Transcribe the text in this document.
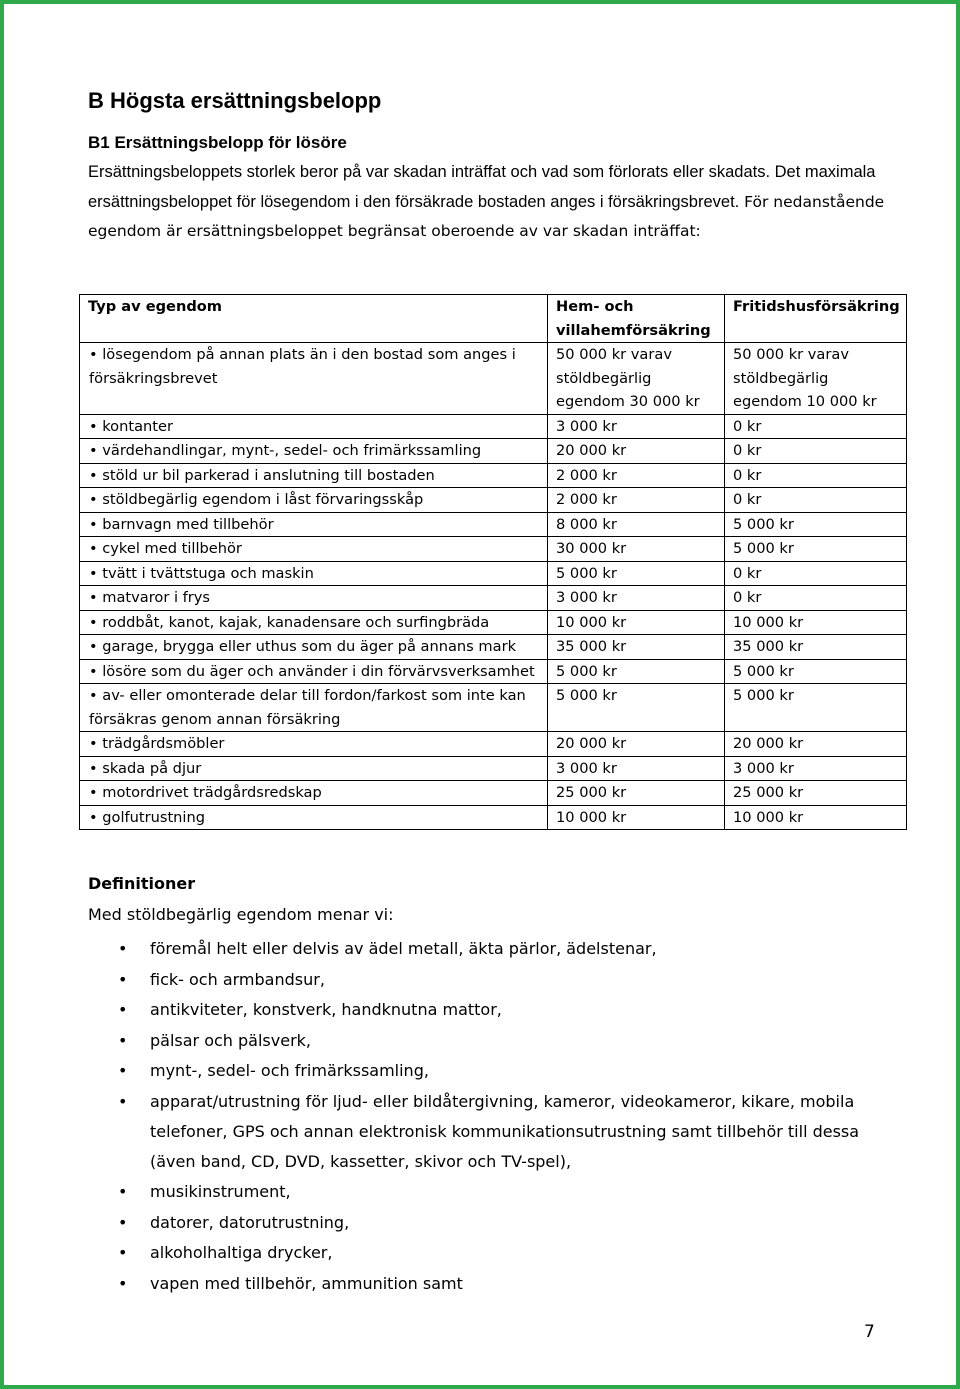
B Högsta ersättningsbelopp
B1 Ersättningsbelopp för lösöre

Ersättningsbeloppets storlek beror på var skadan inträffat och vad som förlorats eller skadats. Det maximala ersättningsbeloppet för lösegendom i den försäkrade bostaden anges i försäkringsbrevet. För nedanstående egendom är ersättningsbeloppet begränsat oberoende av var skadan inträffat:

Typ av egendom	Hem- och villahemförsäkring	Fritidshusförsäkring
• lösegendom på annan plats än i den bostad som anges i försäkringsbrevet	50 000 kr varav stöldbegärlig egendom 30 000 kr	50 000 kr varav stöldbegärlig egendom 10 000 kr
• kontanter	3 000 kr	0 kr
• värdehandlingar, mynt-, sedel- och frimärkssamling	20 000 kr	0 kr
• stöld ur bil parkerad i anslutning till bostaden	2 000 kr	0 kr
• stöldbegärlig egendom i låst förvaringsskåp	2 000 kr	0 kr
• barnvagn med tillbehör	8 000 kr	5 000 kr
• cykel med tillbehör	30 000 kr	5 000 kr
• tvätt i tvättstuga och maskin	5 000 kr	0 kr
• matvaror i frys	3 000 kr	0 kr
• roddbåt, kanot, kajak, kanadensare och surfingbräda	10 000 kr	10 000 kr
• garage, brygga eller uthus som du äger på annans mark	35 000 kr	35 000 kr
• lösöre som du äger och använder i din förvärvsverksamhet	5 000 kr	5 000 kr
• av- eller omonterade delar till fordon/farkost som inte kan försäkras genom annan försäkring	5 000 kr	5 000 kr
• trädgårdsmöbler	20 000 kr	20 000 kr
• skada på djur	3 000 kr	3 000 kr
• motordrivet trädgårdsredskap	25 000 kr	25 000 kr
• golfutrustning	10 000 kr	10 000 kr

Definitioner

Med stöldbegärlig egendom menar vi:

• föremål helt eller delvis av ädel metall, äkta pärlor, ädelstenar,
• fick- och armbandsur,
• antikviteter, konstverk, handknutna mattor,
• pälsar och pälsverk,
• mynt-, sedel- och frimärkssamling,
• apparat/utrustning för ljud- eller bildåtergivning, kameror, videokameror, kikare, mobila telefoner, GPS och annan elektronisk kommunikationsutrustning samt tillbehör till dessa (även band, CD, DVD, kassetter, skivor och TV-spel),
• musikinstrument,
• datorer, datorutrustning,
• alkoholhaltiga drycker,
• vapen med tillbehör, ammunition samt
7
